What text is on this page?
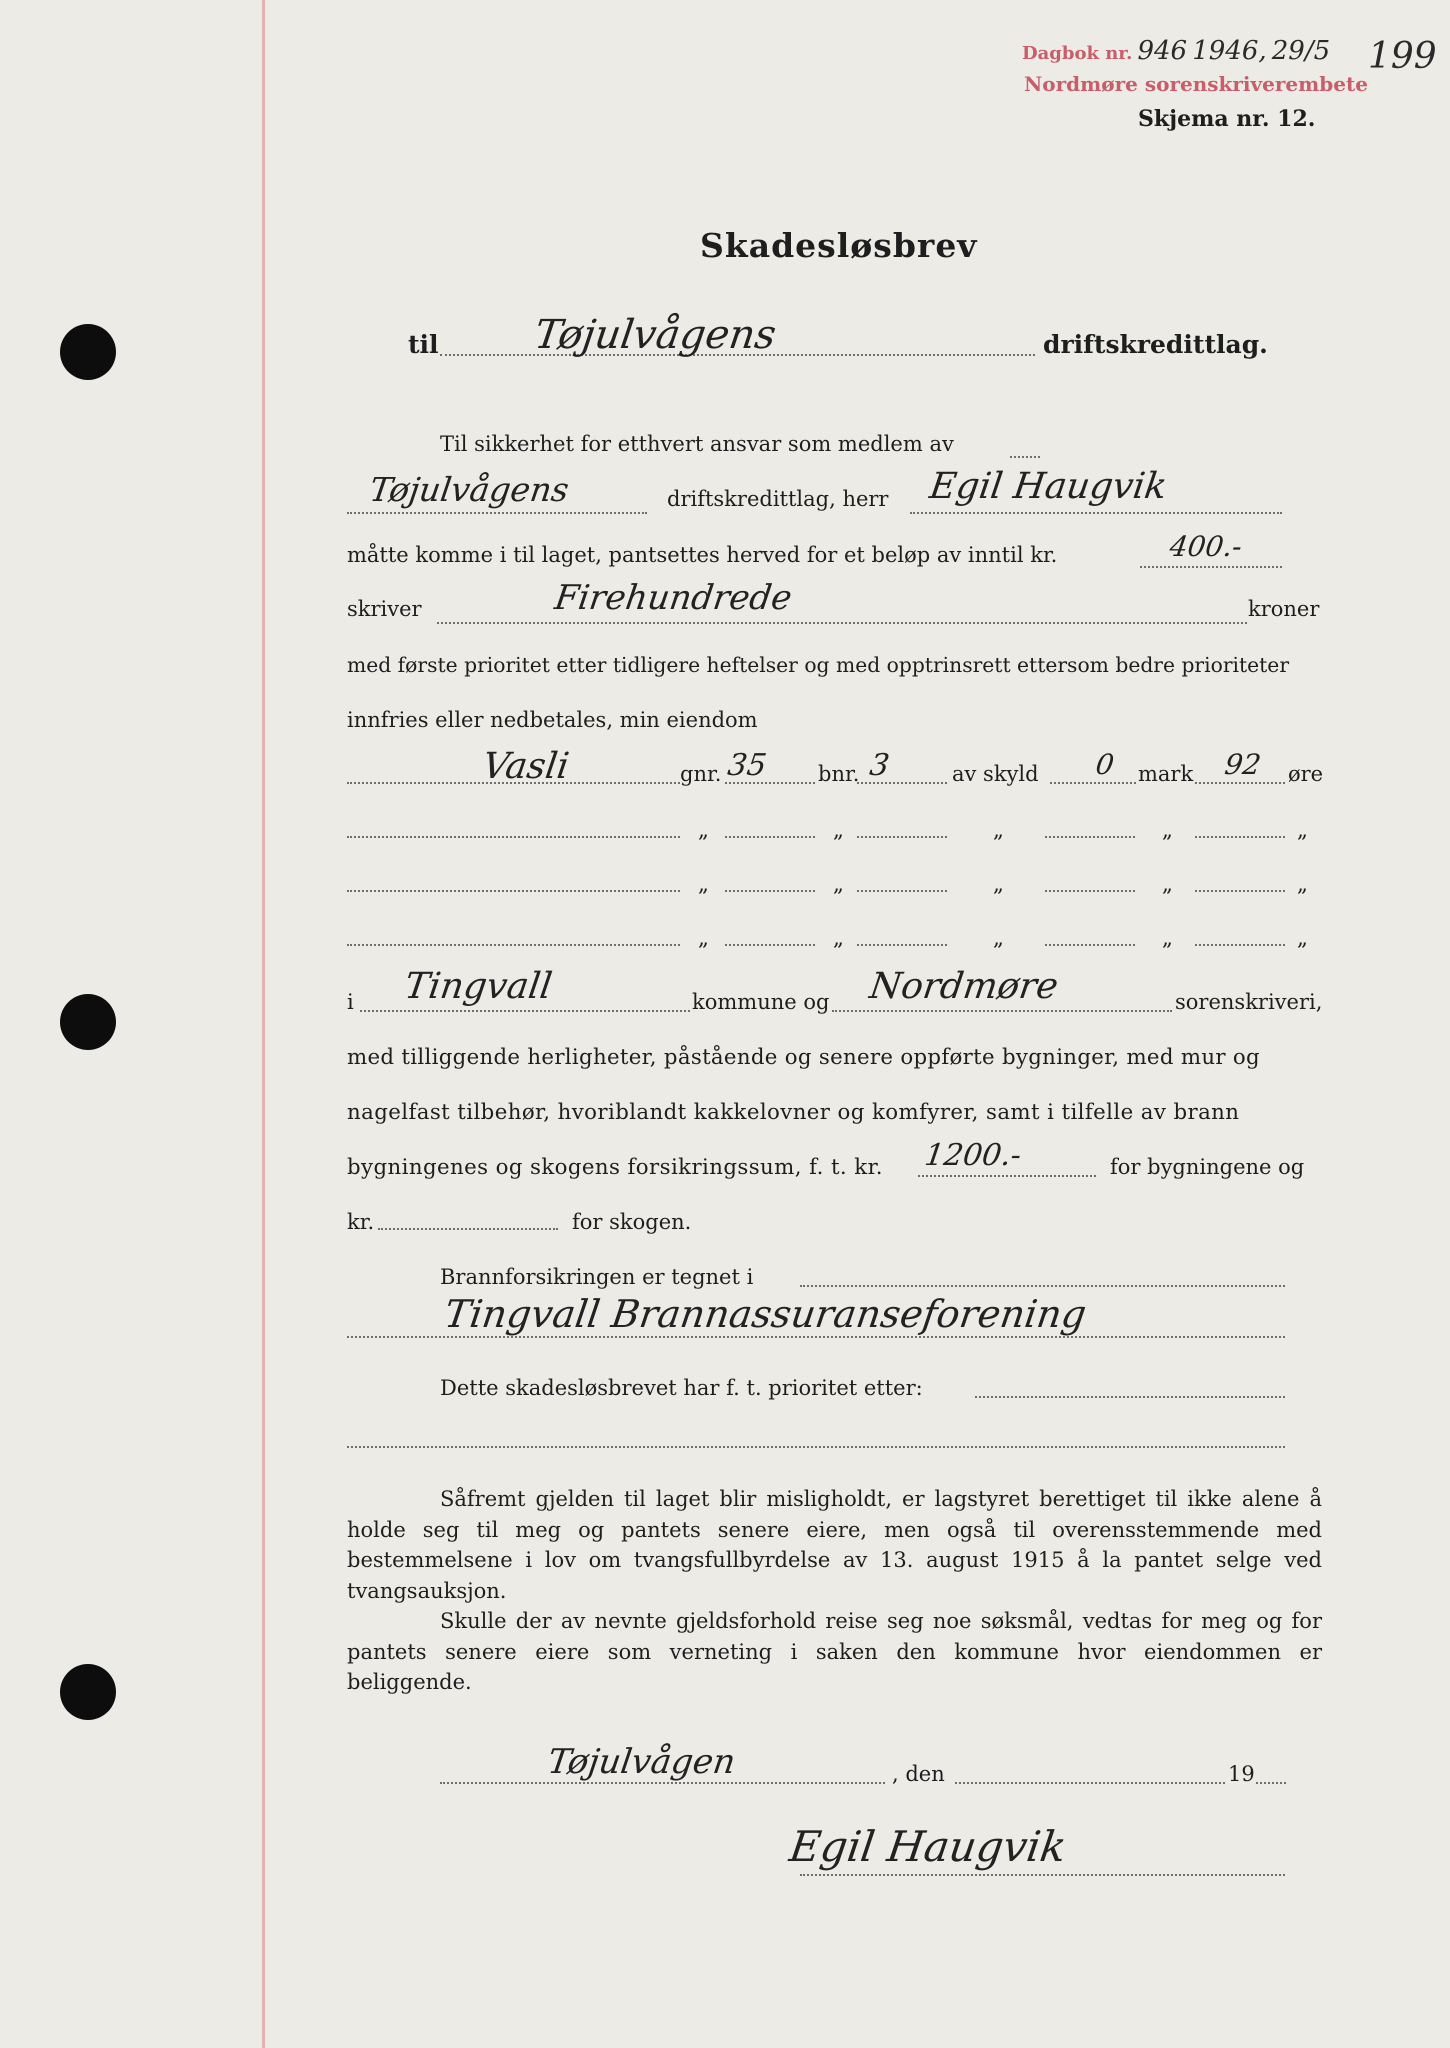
Dagbok nr. 946 1946, 29/5 199
Nordmøre sorenskriverembete
Skjema nr. 12.
Skadesløsbrev
til Tøjulvågens	driftskredittlag.
Til sikkerhet for etthvert ansvar som medlem av
Tøjulvågens	driftskredittlag, herr Egil Haugvik
måtte komme i til laget, pantsettes herved for et beløp av inntil kr.	400.-
skriver	Firehundrede	kroner
med første prioritet etter tidligere heftelser og med opptrinsrett ettersom bedre prioriteter
innfries eller nedbetales, min eiendom
Vasli	gnr. 35 bnr. 3	av skyld 0 mark 92 øre
„	„	„	„	„
„	„	„	„	„
„	„	„	„	„
i Tingvall	kommune og Nordmøre	sorenskriveri,
med tilliggende herligheter, påstående og senere oppførte bygninger, med mur og
nagelfast tilbehør, hvoriblandt kakkelovner og komfyrer, samt i tilfelle av brann
bygningenes og skogens forsikringssum, f. t. kr. 1200.-	for bygningene og
kr.	for skogen.
Brannforsikringen er tegnet i
Tingvall Brannassuranseforening
Dette skadesløsbrevet har f. t. prioritet etter:
Såfremt gjelden til laget blir misligholdt, er lagstyret berettiget til ikke alene å holde seg til meg og pantets senere eiere, men også til overensstemmende med bestemmelsene i lov om tvangsfullbyrdelse av 13. august 1915 å la pantet selge ved tvangsauksjon.
Skulle der av nevnte gjeldsforhold reise seg noe søksmål, vedtas for meg og for pantets senere eiere som verneting i saken den kommune hvor eiendommen er beliggende.
Tøjulvågen	, den	19
Egil Haugvik
